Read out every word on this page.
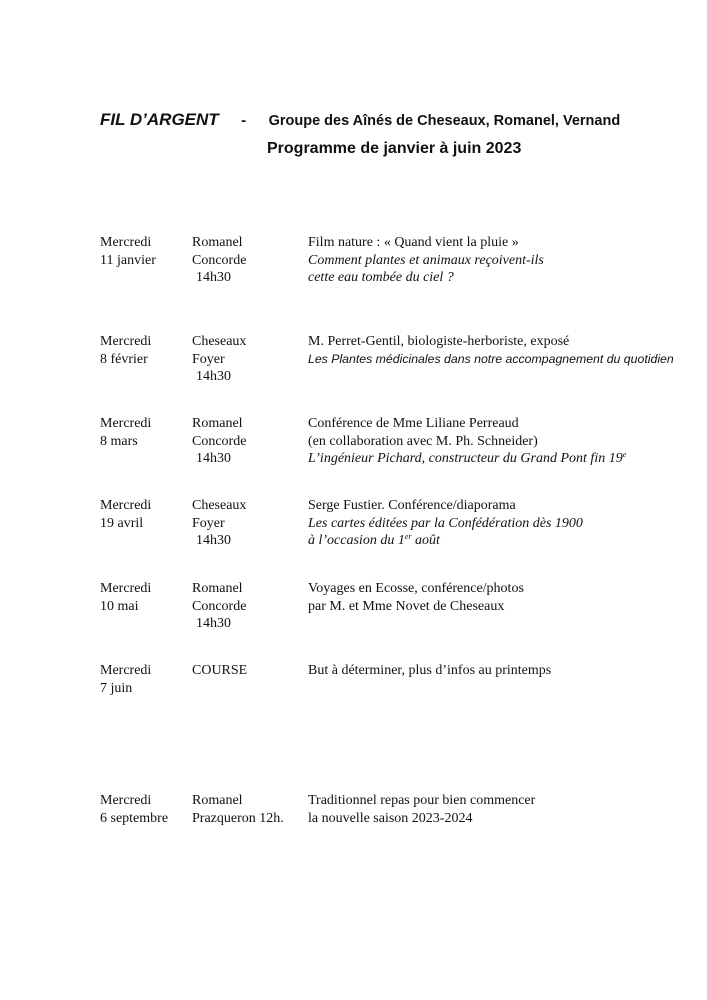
FIL D’ARGENT - Groupe des Aînés de Cheseaux, Romanel, Vernand
Programme de janvier à juin 2023
Mercredi
11 janvier
Romanel
Concorde
14h30
Film nature : « Quand vient la pluie »
Comment plantes et animaux reçoivent-ils
cette eau tombée du ciel ?
Mercredi
8 février
Cheseaux
Foyer
14h30
M. Perret-Gentil, biologiste-herboriste, exposé
Les Plantes médicinales dans notre accompagnement du quotidien
Mercredi
8 mars
Romanel
Concorde
14h30
Conférence de Mme Liliane Perreaud
(en collaboration avec M. Ph. Schneider)
L’ingénieur Pichard, constructeur du Grand Pont fin 19e
Mercredi
19 avril
Cheseaux
Foyer
14h30
Serge Fustier. Conférence/diaporama
Les cartes éditées par la Confédération dès 1900
à l’occasion du 1er août
Mercredi
10 mai
Romanel
Concorde
14h30
Voyages en Ecosse, conférence/photos
par M. et Mme Novet de Cheseaux
Mercredi
7 juin
COURSE	But à déterminer, plus d’infos au printemps
Mercredi
6 septembre
Romanel
Prazqueron 12h.
Traditionnel repas pour bien commencer
la nouvelle saison 2023-2024
